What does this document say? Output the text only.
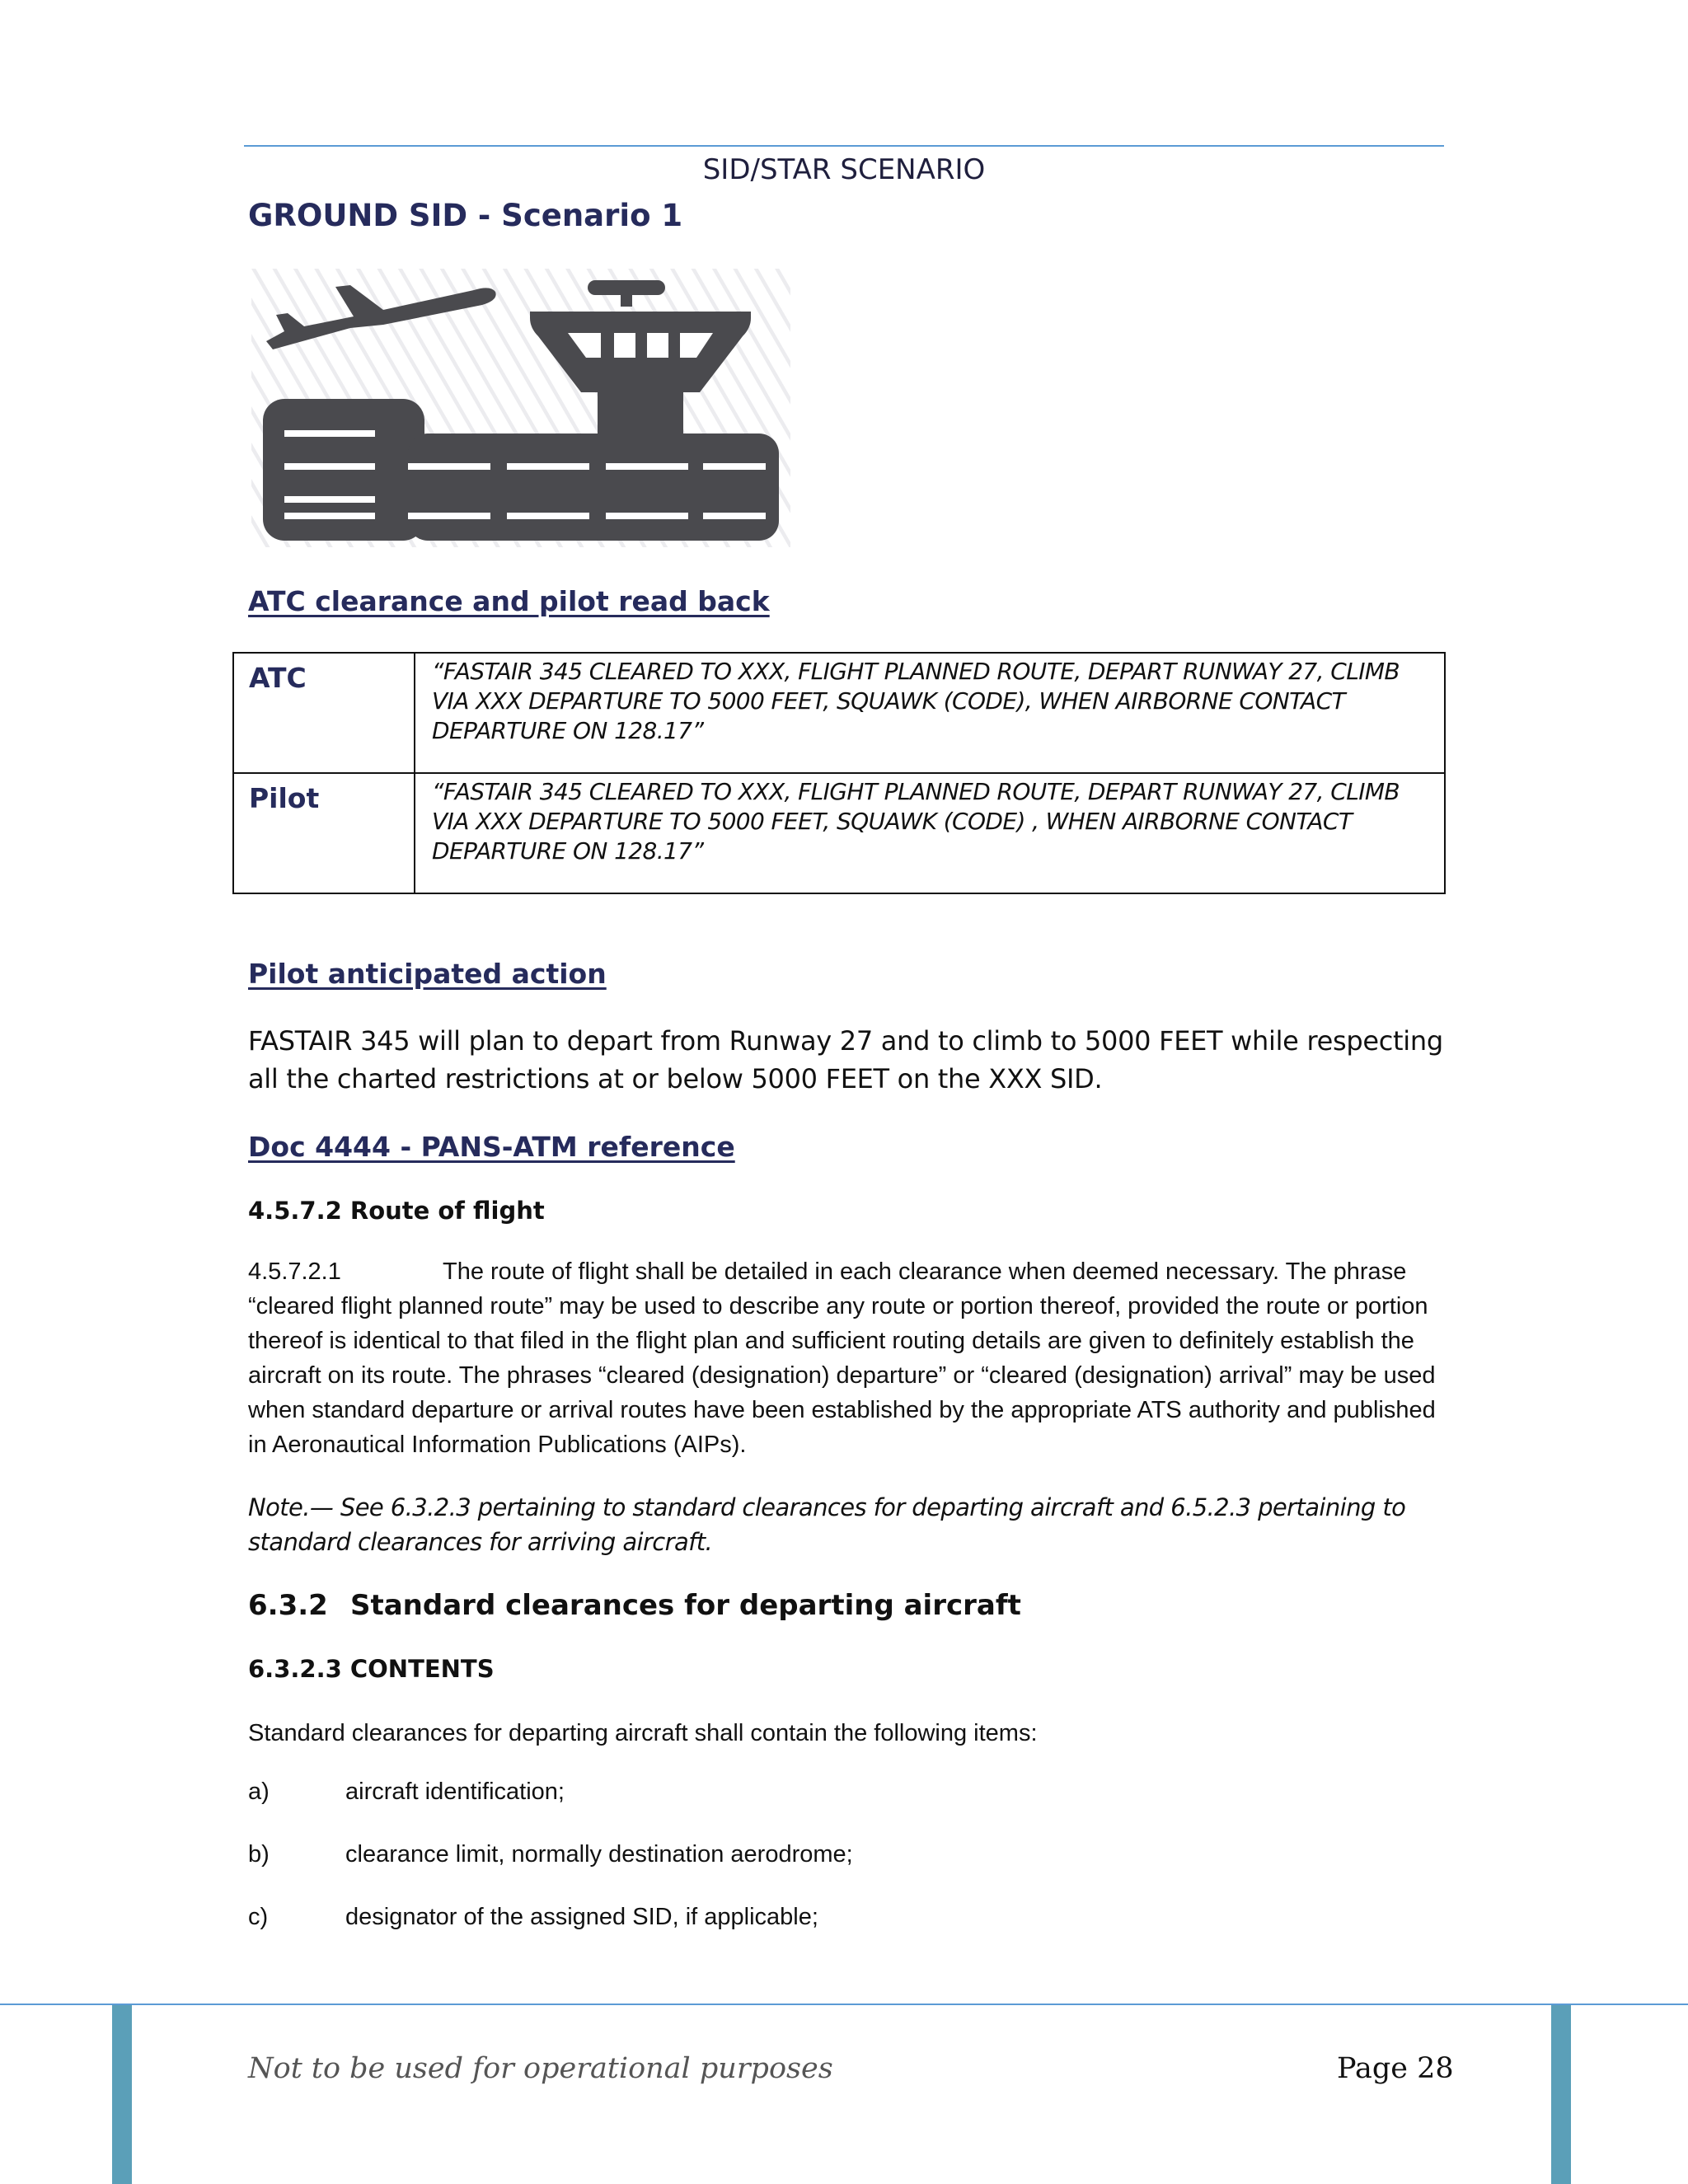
SID/STAR SCENARIO
GROUND SID - Scenario 1
ATC clearance and pilot read back
ATC	“FASTAIR 345 CLEARED TO XXX, FLIGHT PLANNED ROUTE, DEPART RUNWAY 27, CLIMB VIA XXX DEPARTURE TO 5000 FEET, SQUAWK (CODE), WHEN AIRBORNE CONTACT DEPARTURE ON 128.17”
Pilot	“FASTAIR 345 CLEARED TO XXX, FLIGHT PLANNED ROUTE, DEPART RUNWAY 27, CLIMB VIA XXX DEPARTURE TO 5000 FEET, SQUAWK (CODE) , WHEN AIRBORNE CONTACT DEPARTURE ON 128.17”
Pilot anticipated action
FASTAIR 345 will plan to depart from Runway 27 and to climb to 5000 FEET while respecting all the charted restrictions at or below 5000 FEET on the XXX SID.
Doc 4444 - PANS-ATM reference
4.5.7.2 Route of flight
4.5.7.2.1	The route of flight shall be detailed in each clearance when deemed necessary. The phrase “cleared flight planned route” may be used to describe any route or portion thereof, provided the route or portion thereof is identical to that filed in the flight plan and sufficient routing details are given to definitely establish the aircraft on its route. The phrases “cleared (designation) departure” or “cleared (designation) arrival” may be used when standard departure or arrival routes have been established by the appropriate ATS authority and published in Aeronautical Information Publications (AIPs).
Note.— See 6.3.2.3 pertaining to standard clearances for departing aircraft and 6.5.2.3 pertaining to standard clearances for arriving aircraft.
6.3.2 Standard clearances for departing aircraft
6.3.2.3 CONTENTS
Standard clearances for departing aircraft shall contain the following items:
a)	aircraft identification;
b)	clearance limit, normally destination aerodrome;
c)	designator of the assigned SID, if applicable;
Not to be used for operational purposes	Page 28
